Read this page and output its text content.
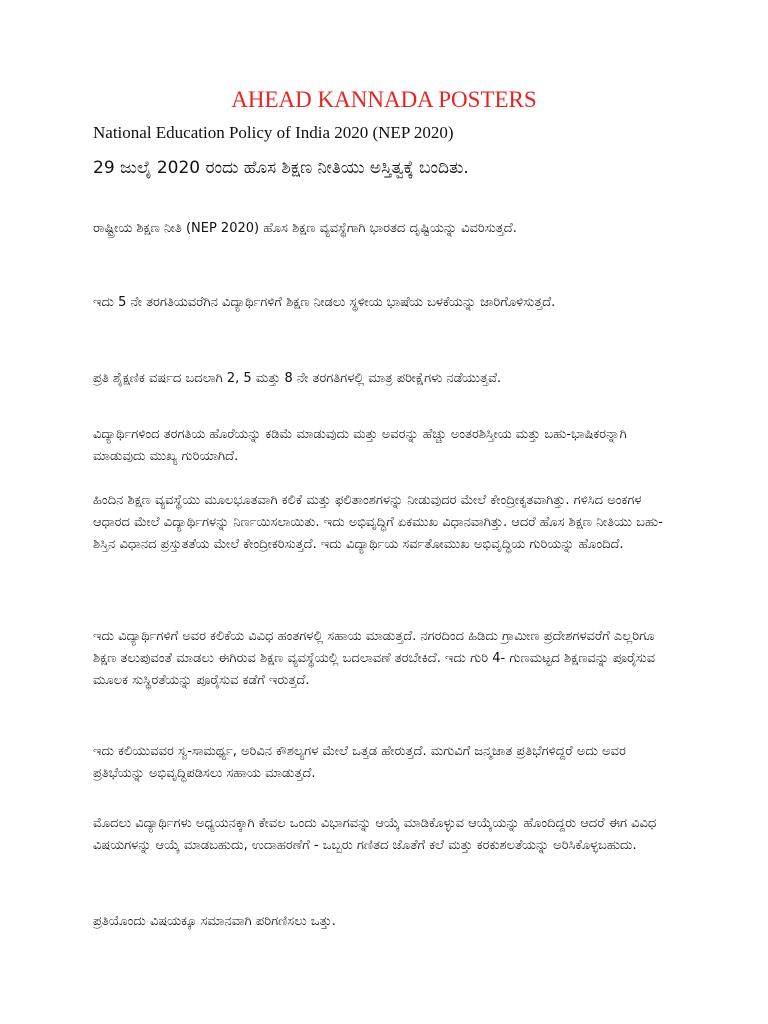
AHEAD KANNADA POSTERS

National Education Policy of India 2020 (NEP 2020)

29 ಜುಲೈ 2020 ರಂದು ಹೊಸ ಶಿಕ್ಷಣ ನೀತಿಯು ಅಸ್ತಿತ್ವಕ್ಕೆ ಬಂದಿತು.

ರಾಷ್ಟ್ರೀಯ ಶಿಕ್ಷಣ ನೀತಿ (NEP 2020) ಹೊಸ ಶಿಕ್ಷಣ ವ್ಯವಸ್ಥೆಗಾಗಿ ಭಾರತದ ದೃಷ್ಟಿಯನ್ನು ವಿವರಿಸುತ್ತದೆ.

ಇದು 5 ನೇ ತರಗತಿಯವರೆಗಿನ ವಿದ್ಯಾರ್ಥಿಗಳಿಗೆ ಶಿಕ್ಷಣ ನೀಡಲು ಸ್ಥಳೀಯ ಭಾಷೆಯ ಬಳಕೆಯನ್ನು ಜಾರಿಗೊಳಿಸುತ್ತದೆ.

ಪ್ರತಿ ಶೈಕ್ಷಣಿಕ ವರ್ಷದ ಬದಲಾಗಿ 2, 5 ಮತ್ತು 8 ನೇ ತರಗತಿಗಳಲ್ಲಿ ಮಾತ್ರ ಪರೀಕ್ಷೆಗಳು ನಡೆಯುತ್ತವೆ.

ವಿದ್ಯಾರ್ಥಿಗಳಿಂದ ತರಗತಿಯ ಹೊರೆಯನ್ನು ಕಡಿಮೆ ಮಾಡುವುದು ಮತ್ತು ಅವರನ್ನು ಹೆಚ್ಚು ಅಂತರಶಿಸ್ತೀಯ ಮತ್ತು ಬಹು-ಭಾಷಿಕರನ್ನಾಗಿ ಮಾಡುವುದು ಮುಖ್ಯ ಗುರಿಯಾಗಿದೆ.

ಹಿಂದಿನ ಶಿಕ್ಷಣ ವ್ಯವಸ್ಥೆಯು ಮೂಲಭೂತವಾಗಿ ಕಲಿಕೆ ಮತ್ತು ಫಲಿತಾಂಶಗಳನ್ನು ನೀಡುವುದರ ಮೇಲೆ ಕೇಂದ್ರೀಕೃತವಾಗಿತ್ತು. ಗಳಿಸಿದ ಅಂಕಗಳ ಆಧಾರದ ಮೇಲೆ ವಿದ್ಯಾರ್ಥಿಗಳನ್ನು ನಿರ್ಣಯಿಸಲಾಯಿತು. ಇದು ಅಭಿವೃದ್ಧಿಗೆ ಏಕಮುಖ ವಿಧಾನವಾಗಿತ್ತು. ಆದರೆ ಹೊಸ ಶಿಕ್ಷಣ ನೀತಿಯು ಬಹು-ಶಿಸ್ತಿನ ವಿಧಾನದ ಪ್ರಸ್ತುತತೆಯ ಮೇಲೆ ಕೇಂದ್ರೀಕರಿಸುತ್ತದೆ. ಇದು ವಿದ್ಯಾರ್ಥಿಯ ಸರ್ವತೋಮುಖ ಅಭಿವೃದ್ಧಿಯ ಗುರಿಯನ್ನು ಹೊಂದಿದೆ.

ಇದು ವಿದ್ಯಾರ್ಥಿಗಳಿಗೆ ಅವರ ಕಲಿಕೆಯ ವಿವಿಧ ಹಂತಗಳಲ್ಲಿ ಸಹಾಯ ಮಾಡುತ್ತದೆ. ನಗರದಿಂದ ಹಿಡಿದು ಗ್ರಾಮೀಣ ಪ್ರದೇಶಗಳವರೆಗೆ ಎಲ್ಲರಿಗೂ ಶಿಕ್ಷಣ ತಲುಪುವಂತೆ ಮಾಡಲು ಈಗಿರುವ ಶಿಕ್ಷಣ ವ್ಯವಸ್ಥೆಯಲ್ಲಿ ಬದಲಾವಣೆ ತರಬೇಕಿದೆ. ಇದು ಗುರಿ 4- ಗುಣಮಟ್ಟದ ಶಿಕ್ಷಣವನ್ನು ಪೂರೈಸುವ ಮೂಲಕ ಸುಸ್ಥಿರತೆಯನ್ನು ಪೂರೈಸುವ ಕಡೆಗೆ ಇರುತ್ತದೆ.

ಇದು ಕಲಿಯುವವರ ಸ್ವ-ಸಾಮರ್ಥ್ಯ, ಅರಿವಿನ ಕೌಶಲ್ಯಗಳ ಮೇಲೆ ಒತ್ತಡ ಹೇರುತ್ತದೆ. ಮಗುವಿಗೆ ಜನ್ಮಜಾತ ಪ್ರತಿಭೆಗಳಿದ್ದರೆ ಅದು ಅವರ ಪ್ರತಿಭೆಯನ್ನು ಅಭಿವೃದ್ಧಿಪಡಿಸಲು ಸಹಾಯ ಮಾಡುತ್ತದೆ.

ಮೊದಲು ವಿದ್ಯಾರ್ಥಿಗಳು ಅಧ್ಯಯನಕ್ಕಾಗಿ ಕೇವಲ ಒಂದು ವಿಭಾಗವನ್ನು ಆಯ್ಕೆ ಮಾಡಿಕೊಳ್ಳುವ ಆಯ್ಕೆಯನ್ನು ಹೊಂದಿದ್ದರು ಆದರೆ ಈಗ ವಿವಿಧ ವಿಷಯಗಳನ್ನು ಆಯ್ಕೆ ಮಾಡಬಹುದು, ಉದಾಹರಣೆಗೆ - ಒಬ್ಬರು ಗಣಿತದ ಜೊತೆಗೆ ಕಲೆ ಮತ್ತು ಕರಕುಶಲತೆಯನ್ನು ಅರಿಸಿಕೊಳ್ಳಬಹುದು.

ಪ್ರತಿಯೊಂದು ವಿಷಯಕ್ಕೂ ಸಮಾನವಾಗಿ ಪರಿಗಣಿಸಲು ಒತ್ತು.
